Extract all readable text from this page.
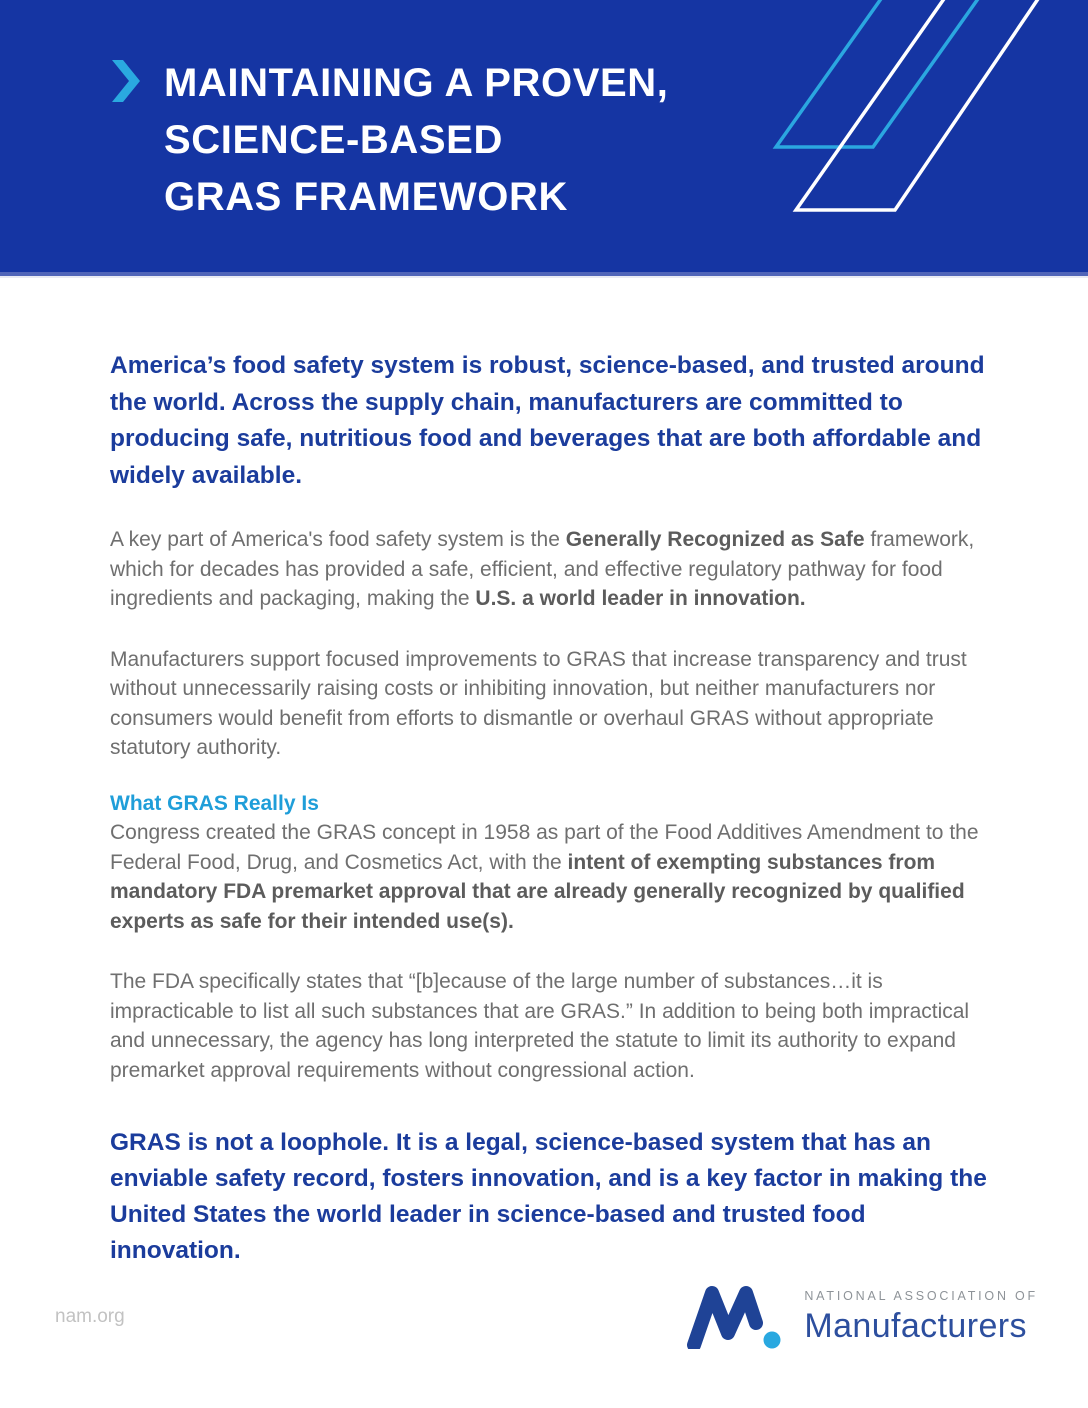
MAINTAINING A PROVEN,
SCIENCE-BASED
GRAS FRAMEWORK

America’s food safety system is robust, science-based, and trusted around the world. Across the supply chain, manufacturers are committed to producing safe, nutritious food and beverages that are both affordable and widely available.

A key part of America's food safety system is the Generally Recognized as Safe framework, which for decades has provided a safe, efficient, and effective regulatory pathway for food ingredients and packaging, making the U.S. a world leader in innovation.

Manufacturers support focused improvements to GRAS that increase transparency and trust without unnecessarily raising costs or inhibiting innovation, but neither manufacturers nor consumers would benefit from efforts to dismantle or overhaul GRAS without appropriate statutory authority.

What GRAS Really Is

Congress created the GRAS concept in 1958 as part of the Food Additives Amendment to the Federal Food, Drug, and Cosmetics Act, with the intent of exempting substances from mandatory FDA premarket approval that are already generally recognized by qualified experts as safe for their intended use(s).

The FDA specifically states that “[b]ecause of the large number of substances…it is impracticable to list all such substances that are GRAS.” In addition to being both impractical and unnecessary, the agency has long interpreted the statute to limit its authority to expand premarket approval requirements without congressional action.

GRAS is not a loophole. It is a legal, science-based system that has an enviable safety record, fosters innovation, and is a key factor in making the United States the world leader in science-based and trusted food innovation.

nam.org
NATIONAL ASSOCIATION OF
Manufacturers
